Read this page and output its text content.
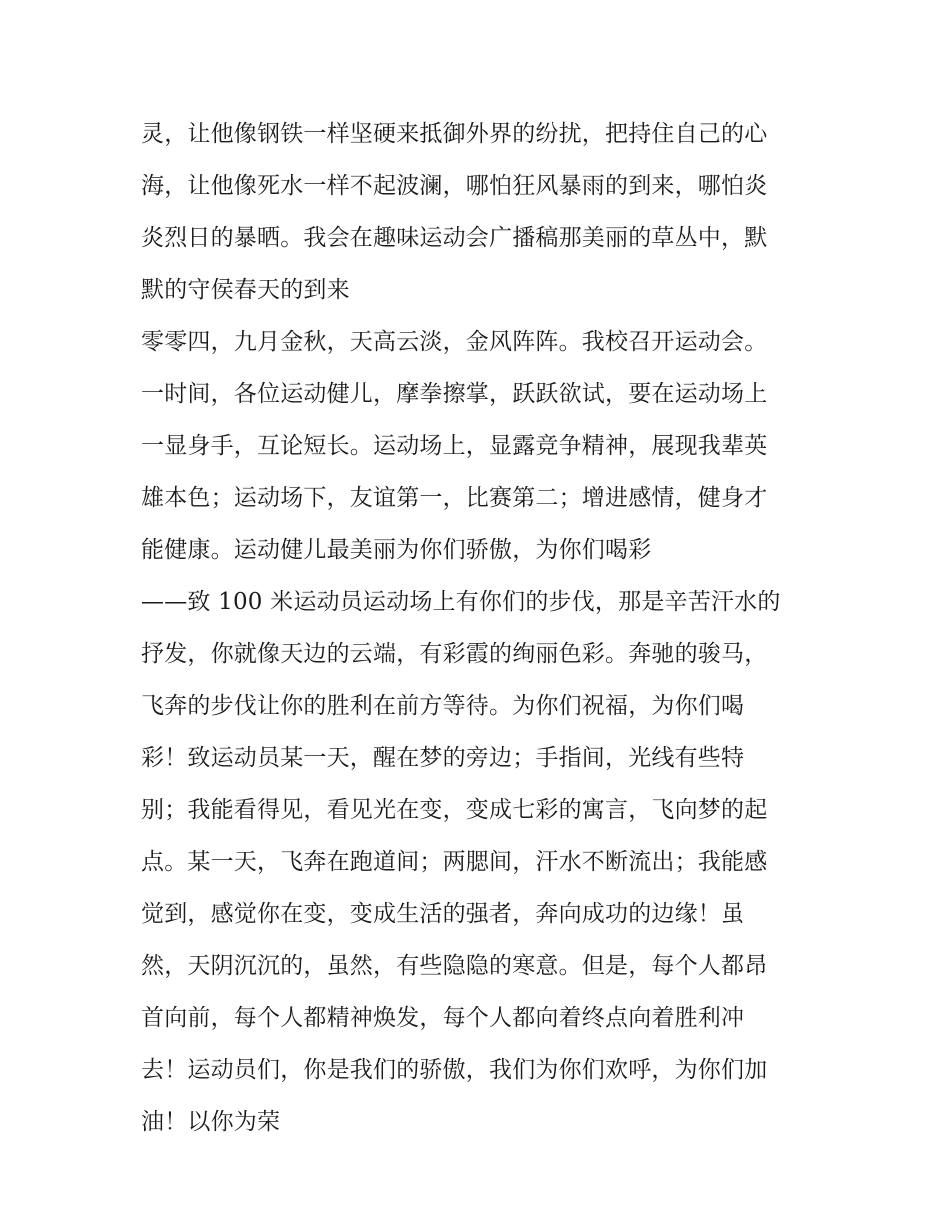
灵，让他像钢铁一样坚硬来抵御外界的纷扰，把持住自己的心
海，让他像死水一样不起波澜，哪怕狂风暴雨的到来，哪怕炎
炎烈日的暴晒。我会在趣味运动会广播稿那美丽的草丛中，默
默的守侯春天的到来
零零四，九月金秋，天高云淡，金风阵阵。我校召开运动会。
一时间，各位运动健儿，摩拳擦掌，跃跃欲试，要在运动场上
一显身手，互论短长。运动场上，显露竞争精神，展现我辈英
雄本色；运动场下，友谊第一，比赛第二；增进感情，健身才
能健康。运动健儿最美丽为你们骄傲，为你们喝彩
——致 100 米运动员运动场上有你们的步伐，那是辛苦汗水的
抒发，你就像天边的云端，有彩霞的绚丽色彩。奔驰的骏马，
飞奔的步伐让你的胜利在前方等待。为你们祝福，为你们喝
彩！致运动员某一天，醒在梦的旁边；手指间，光线有些特
别；我能看得见，看见光在变，变成七彩的寓言，飞向梦的起
点。某一天，飞奔在跑道间；两腮间，汗水不断流出；我能感
觉到，感觉你在变，变成生活的强者，奔向成功的边缘！虽
然，天阴沉沉的，虽然，有些隐隐的寒意。但是，每个人都昂
首向前，每个人都精神焕发，每个人都向着终点向着胜利冲
去！运动员们，你是我们的骄傲，我们为你们欢呼，为你们加
油！以你为荣
